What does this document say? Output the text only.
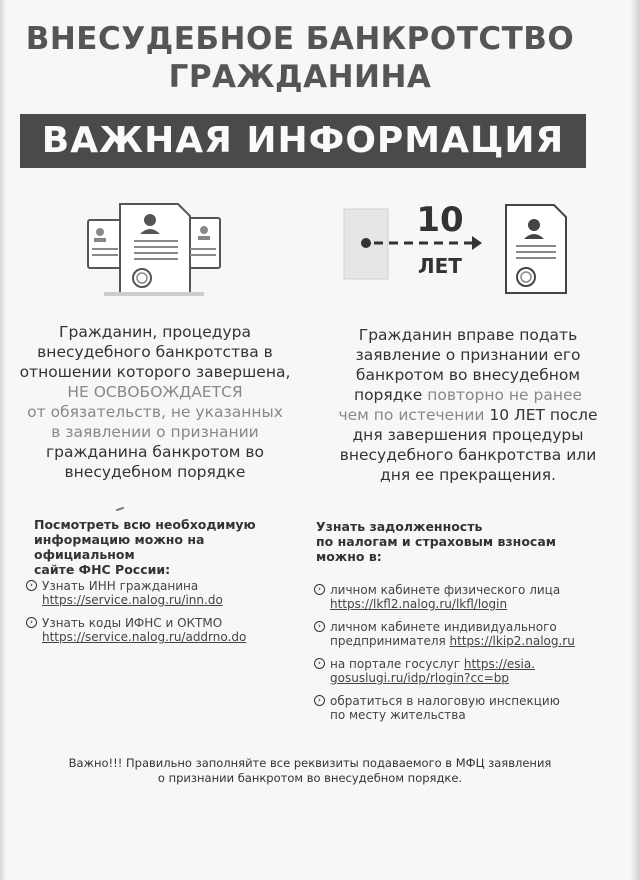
ВНЕСУДЕБНОЕ БАНКРОТСТВО
ГРАЖДАНИНА
ВАЖНАЯ ИНФОРМАЦИЯ
10
ЛЕТ
Гражданин, процедура
внесудебного банкротства в
отношении которого завершена,
НЕ ОСВОБОЖДАЕТСЯ
от обязательств, не указанных
в заявлении о признании
гражданина банкротом во
внесудебном порядке
Гражданин вправе подать
заявление о признании его
банкротом во внесудебном
порядке повторно не ранее
чем по истечении 10 ЛЕТ после
дня завершения процедуры
внесудебного банкротства или
дня ее прекращения.
Посмотреть всю необходимую
информацию можно на официальном
сайте ФНС России:
› Узнать ИНН гражданина
https://service.nalog.ru/inn.do
› Узнать коды ИФНС и ОКТМО
https://service.nalog.ru/addrno.do
Узнать задолженность
по налогам и страховым взносам
можно в:
› личном кабинете физического лица
https://lkfl2.nalog.ru/lkfl/login
› личном кабинете индивидуального
предпринимателя https://lkip2.nalog.ru
› на портале госуслуг https://esia.
gosuslugi.ru/idp/rlogin?cc=bp
› обратиться в налоговую инспекцию
по месту жительства
Важно!!! Правильно заполняйте все реквизиты подаваемого в МФЦ заявления
о признании банкротом во внесудебном порядке.
